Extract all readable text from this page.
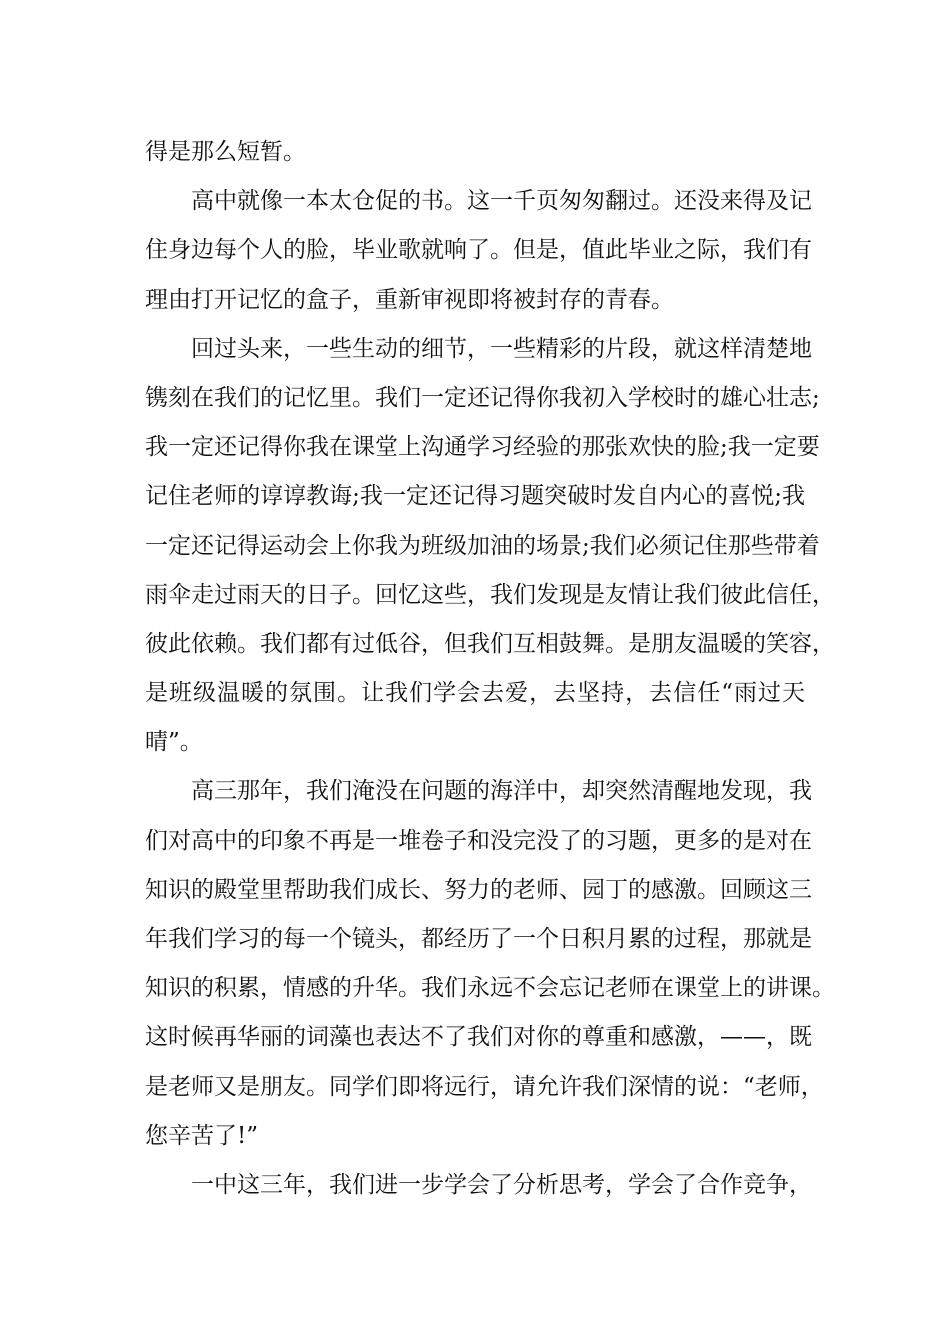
得是那么短暂。
高中就像一本太仓促的书。这一千页匆匆翻过。还没来得及记
住身边每个人的脸，毕业歌就响了。但是，值此毕业之际，我们有
理由打开记忆的盒子，重新审视即将被封存的青春。
回过头来，一些生动的细节，一些精彩的片段，就这样清楚地
镌刻在我们的记忆里。我们一定还记得你我初入学校时的雄心壮志;
我一定还记得你我在课堂上沟通学习经验的那张欢快的脸;我一定要
记住老师的谆谆教诲;我一定还记得习题突破时发自内心的喜悦;我
一定还记得运动会上你我为班级加油的场景;我们必须记住那些带着
雨伞走过雨天的日子。回忆这些，我们发现是友情让我们彼此信任，
彼此依赖。我们都有过低谷，但我们互相鼓舞。是朋友温暖的笑容，
是班级温暖的氛围。让我们学会去爱，去坚持，去信任“雨过天
晴”。
高三那年，我们淹没在问题的海洋中，却突然清醒地发现，我
们对高中的印象不再是一堆卷子和没完没了的习题，更多的是对在
知识的殿堂里帮助我们成长、努力的老师、园丁的感激。回顾这三
年我们学习的每一个镜头，都经历了一个日积月累的过程，那就是
知识的积累，情感的升华。我们永远不会忘记老师在课堂上的讲课。
这时候再华丽的词藻也表达不了我们对你的尊重和感激，——，既
是老师又是朋友。同学们即将远行，请允许我们深情的说：“老师，
您辛苦了!”
一中这三年，我们进一步学会了分析思考，学会了合作竞争，
